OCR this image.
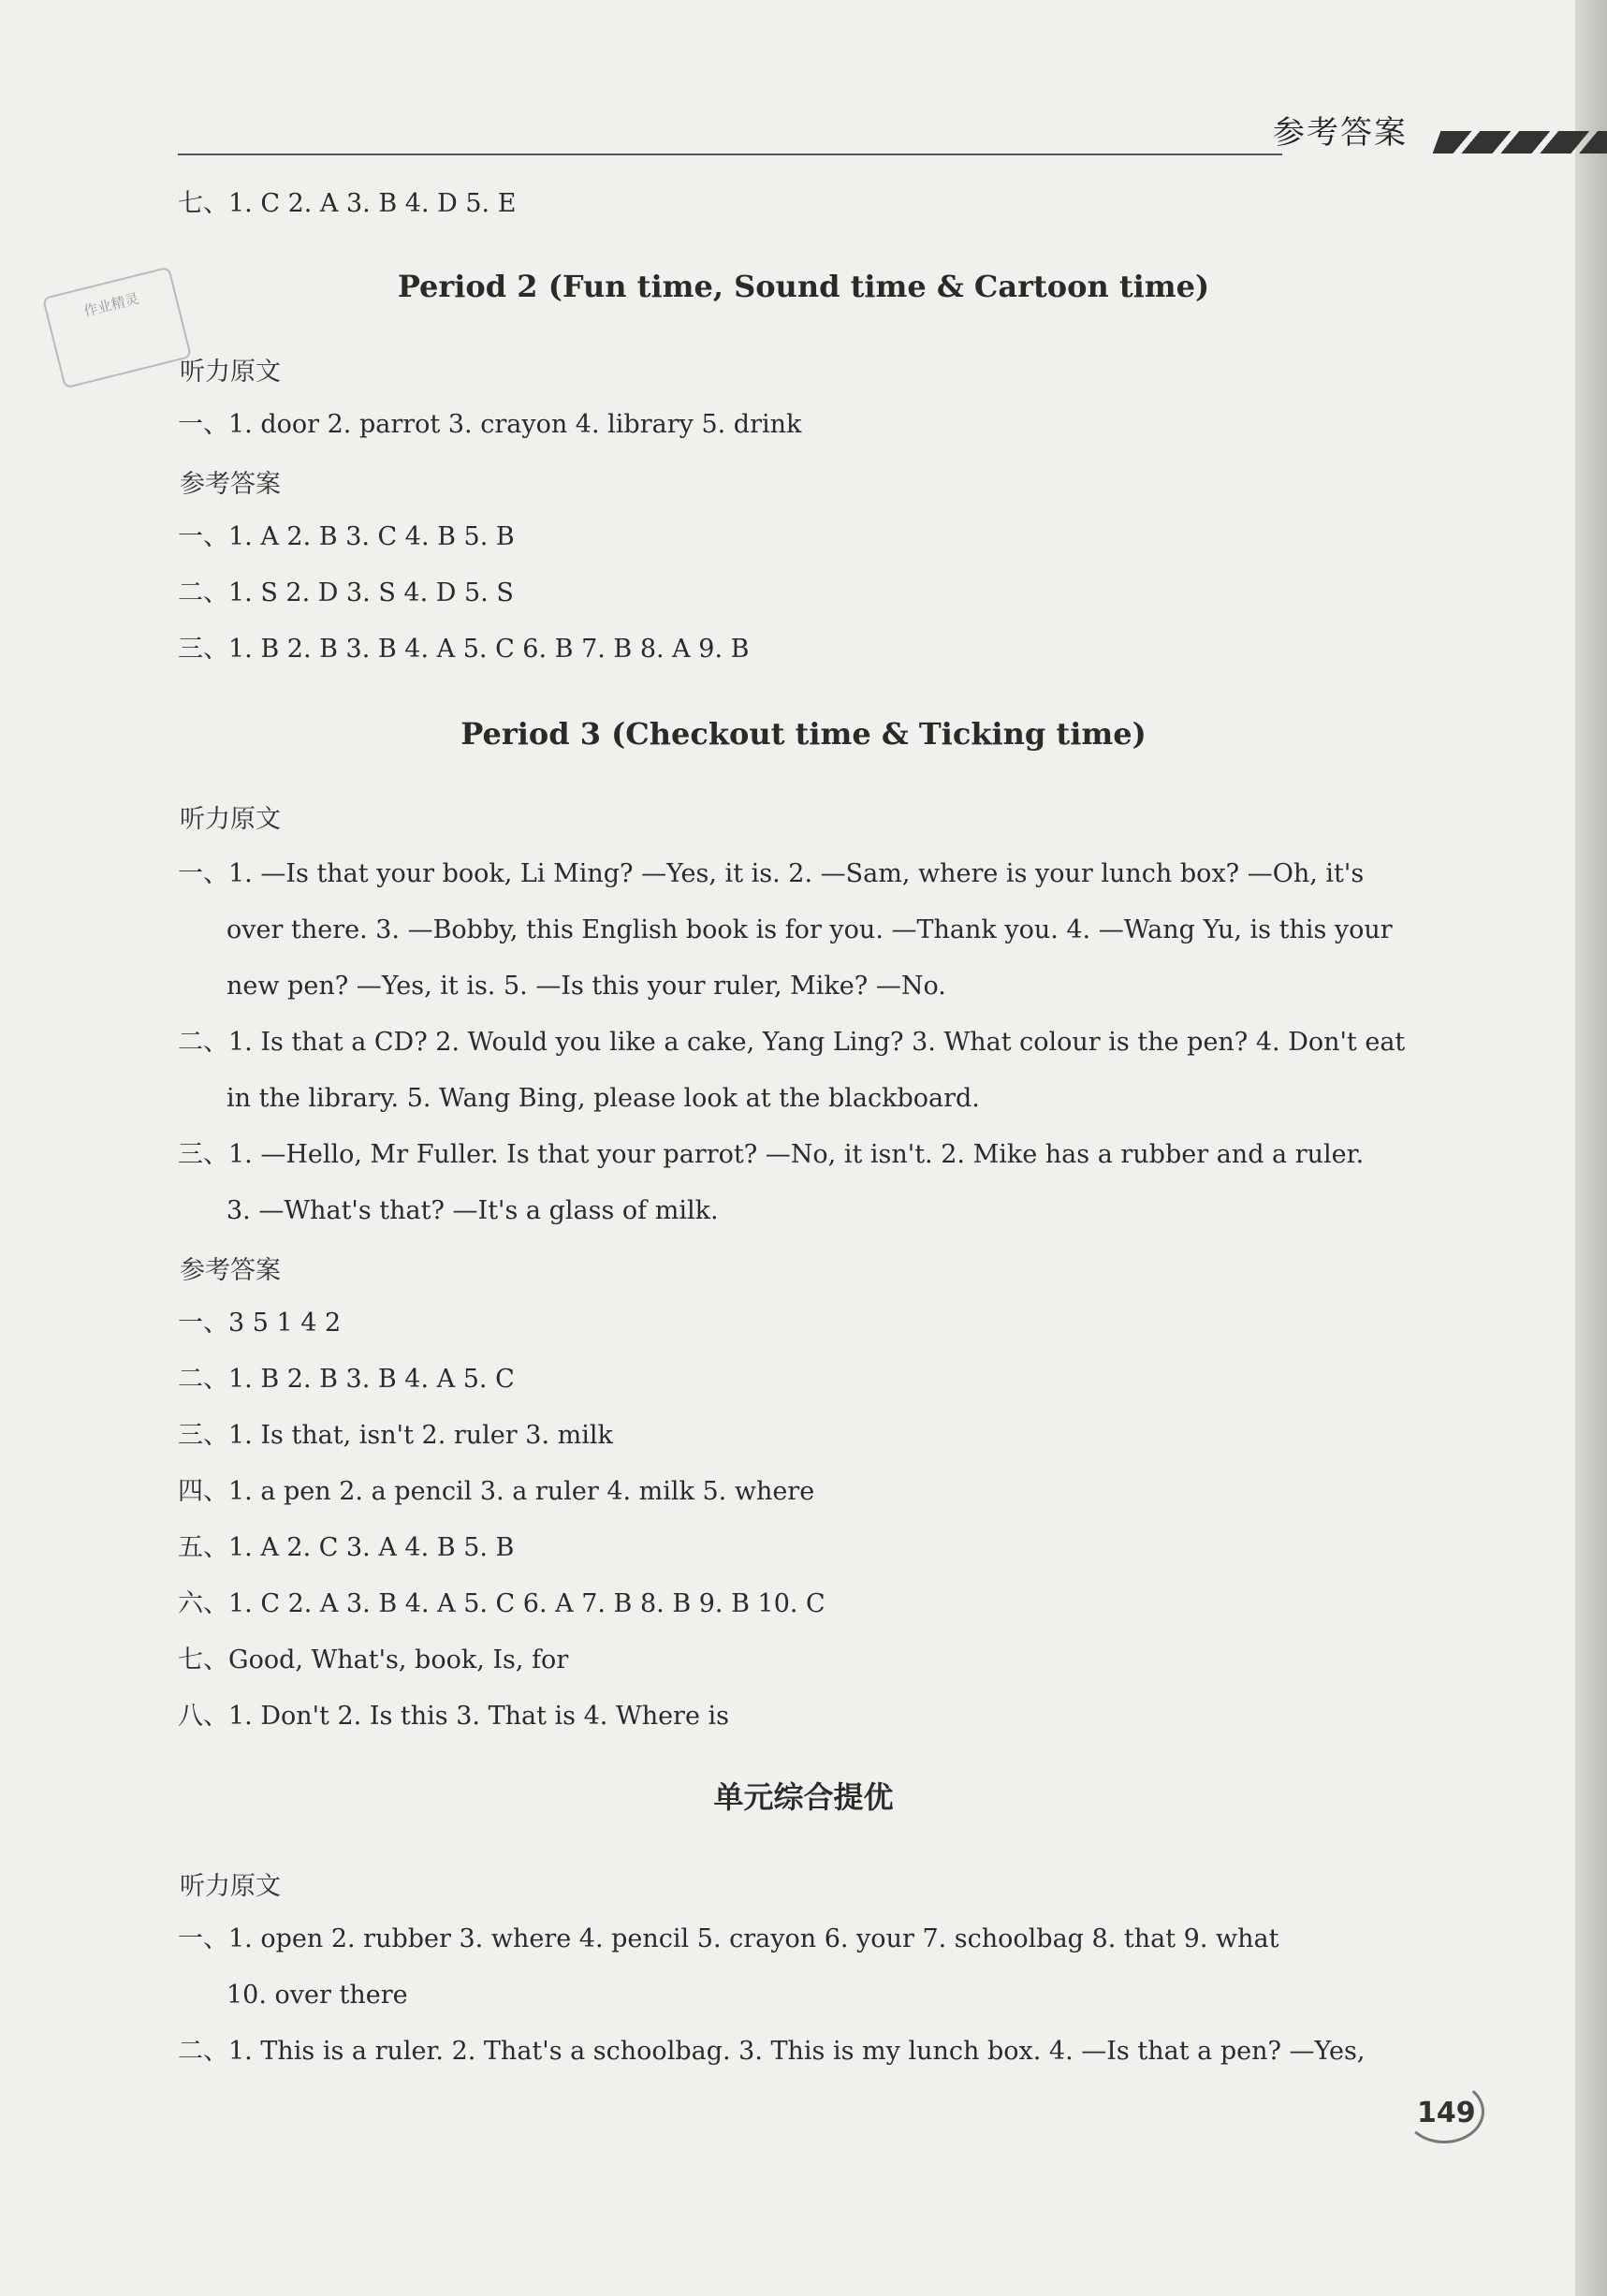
参考答案
作业精灵
七、1. C 2. A 3. B 4. D 5. E
Period 2 (Fun time, Sound time & Cartoon time)
听力原文
一、1. door 2. parrot 3. crayon 4. library 5. drink
参考答案
一、1. A 2. B 3. C 4. B 5. B
二、1. S 2. D 3. S 4. D 5. S
三、1. B 2. B 3. B 4. A 5. C 6. B 7. B 8. A 9. B
Period 3 (Checkout time & Ticking time)
听力原文
一、1. —Is that your book, Li Ming? —Yes, it is. 2. —Sam, where is your lunch box? —Oh, it's
over there. 3. —Bobby, this English book is for you. —Thank you. 4. —Wang Yu, is this your
new pen? —Yes, it is. 5. —Is this your ruler, Mike? —No.
二、1. Is that a CD? 2. Would you like a cake, Yang Ling? 3. What colour is the pen? 4. Don't eat
in the library. 5. Wang Bing, please look at the blackboard.
三、1. —Hello, Mr Fuller. Is that your parrot? —No, it isn't. 2. Mike has a rubber and a ruler.
3. —What's that? —It's a glass of milk.
参考答案
一、3 5 1 4 2
二、1. B 2. B 3. B 4. A 5. C
三、1. Is that, isn't 2. ruler 3. milk
四、1. a pen 2. a pencil 3. a ruler 4. milk 5. where
五、1. A 2. C 3. A 4. B 5. B
六、1. C 2. A 3. B 4. A 5. C 6. A 7. B 8. B 9. B 10. C
七、Good, What's, book, Is, for
八、1. Don't 2. Is this 3. That is 4. Where is
单元综合提优
听力原文
一、1. open 2. rubber 3. where 4. pencil 5. crayon 6. your 7. schoolbag 8. that 9. what
10. over there
二、1. This is a ruler. 2. That's a schoolbag. 3. This is my lunch box. 4. —Is that a pen? —Yes,
149
